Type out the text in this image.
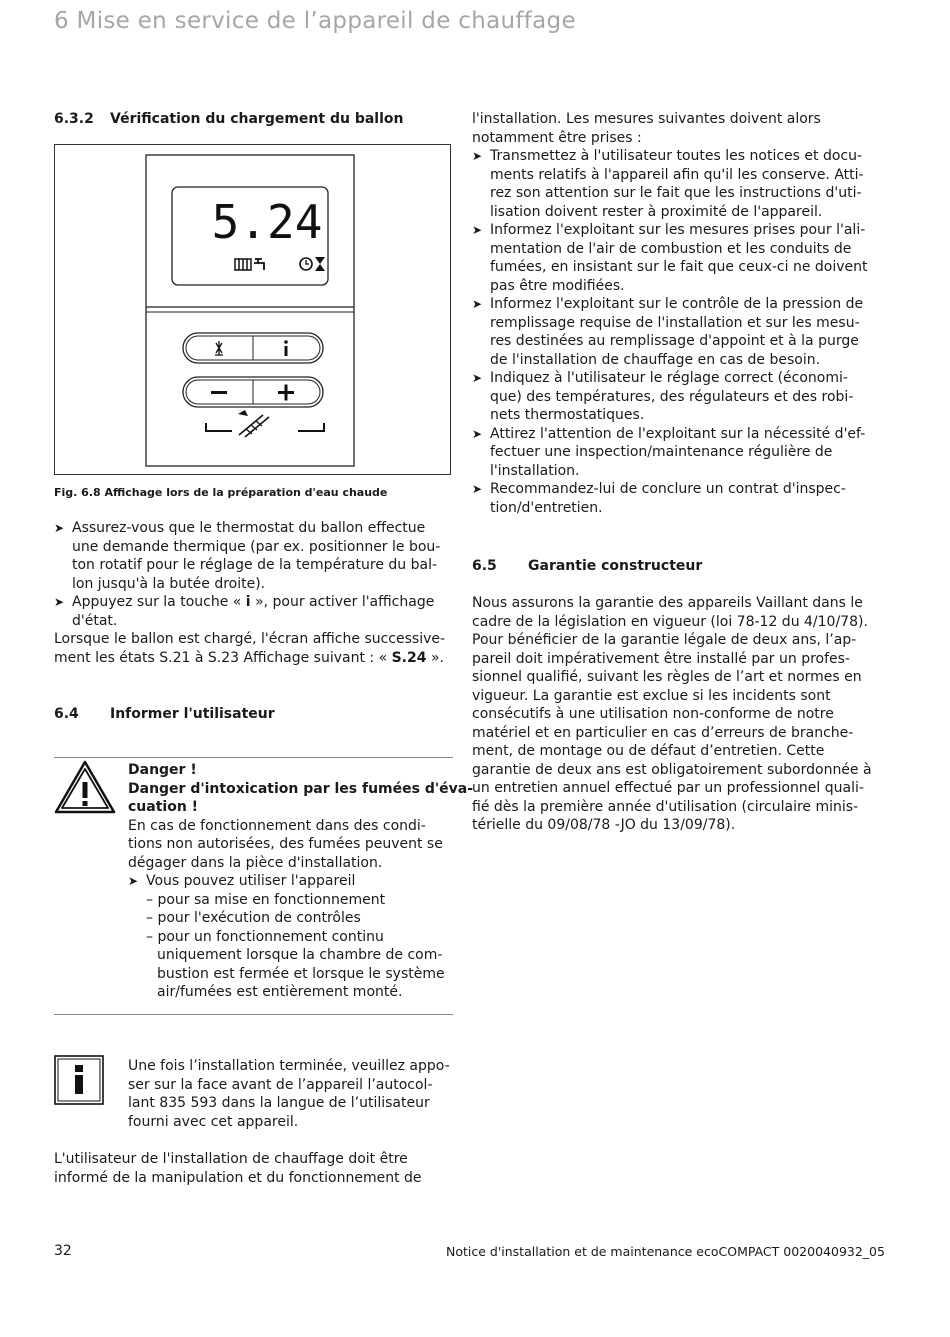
6 Mise en service de l’appareil de chauffage
6.3.2 Vérification du chargement du ballon
5.24
Fig. 6.8 Affichage lors de la préparation d'eau chaude
➤ Assurez-vous que le thermostat du ballon effectue
une demande thermique (par ex. positionner le bou-
ton rotatif pour le réglage de la température du bal-
lon jusqu'à la butée droite).
➤ Appuyez sur la touche « i », pour activer l'affichage
d'état.

Lorsque le ballon est chargé, l'écran affiche successive-
ment les états S.21 à S.23 Affichage suivant : « S.24 ».

6.4 Informer l'utilisateur

Danger !

Danger d'intoxication par les fumées d'éva-
cuation !

En cas de fonctionnement dans des condi-
tions non autorisées, des fumées peuvent se
dégager dans la pièce d'installation.

➤ Vous pouvez utiliser l'appareil
– pour sa mise en fonctionnement
– pour l'exécution de contrôles
– pour un fonctionnement continu
uniquement lorsque la chambre de com-
bustion est fermée et lorsque le système
air/fumées est entièrement monté.

Une fois l’installation terminée, veuillez appo-
ser sur la face avant de l’appareil l’autocol-
lant 835 593 dans la langue de l’utilisateur
fourni avec cet appareil.

L'utilisateur de l'installation de chauffage doit être
informé de la manipulation et du fonctionnement de

l'installation. Les mesures suivantes doivent alors
notamment être prises :

➤ Transmettez à l'utilisateur toutes les notices et docu-
ments relatifs à l'appareil afin qu'il les conserve. Atti-
rez son attention sur le fait que les instructions d'uti-
lisation doivent rester à proximité de l'appareil.
➤ Informez l'exploitant sur les mesures prises pour l'ali-
mentation de l'air de combustion et les conduits de
fumées, en insistant sur le fait que ceux-ci ne doivent
pas être modifiées.
➤ Informez l'exploitant sur le contrôle de la pression de
remplissage requise de l'installation et sur les mesu-
res destinées au remplissage d'appoint et à la purge
de l'installation de chauffage en cas de besoin.
➤ Indiquez à l'utilisateur le réglage correct (économi-
que) des températures, des régulateurs et des robi-
nets thermostatiques.
➤ Attirez l'attention de l'exploitant sur la nécessité d'ef-
fectuer une inspection/maintenance régulière de
l'installation.
➤ Recommandez-lui de conclure un contrat d'inspec-
tion/d'entretien.
6.5 Garantie constructeur

Nous assurons la garantie des appareils Vaillant dans le
cadre de la législation en vigueur (loi 78-12 du 4/10/78).
Pour bénéficier de la garantie légale de deux ans, l’ap-
pareil doit impérativement être installé par un profes-
sionnel qualifié, suivant les règles de l’art et normes en
vigueur. La garantie est exclue si les incidents sont
consécutifs à une utilisation non-conforme de notre
matériel et en particulier en cas d’erreurs de branche-
ment, de montage ou de défaut d’entretien. Cette
garantie de deux ans est obligatoirement subordonnée à
un entretien annuel effectué par un professionnel quali-
fié dès la première année d'utilisation (circulaire minis-
térielle du 09/08/78 -JO du 13/09/78).

32	Notice d'installation et de maintenance ecoCOMPACT 0020040932_05
